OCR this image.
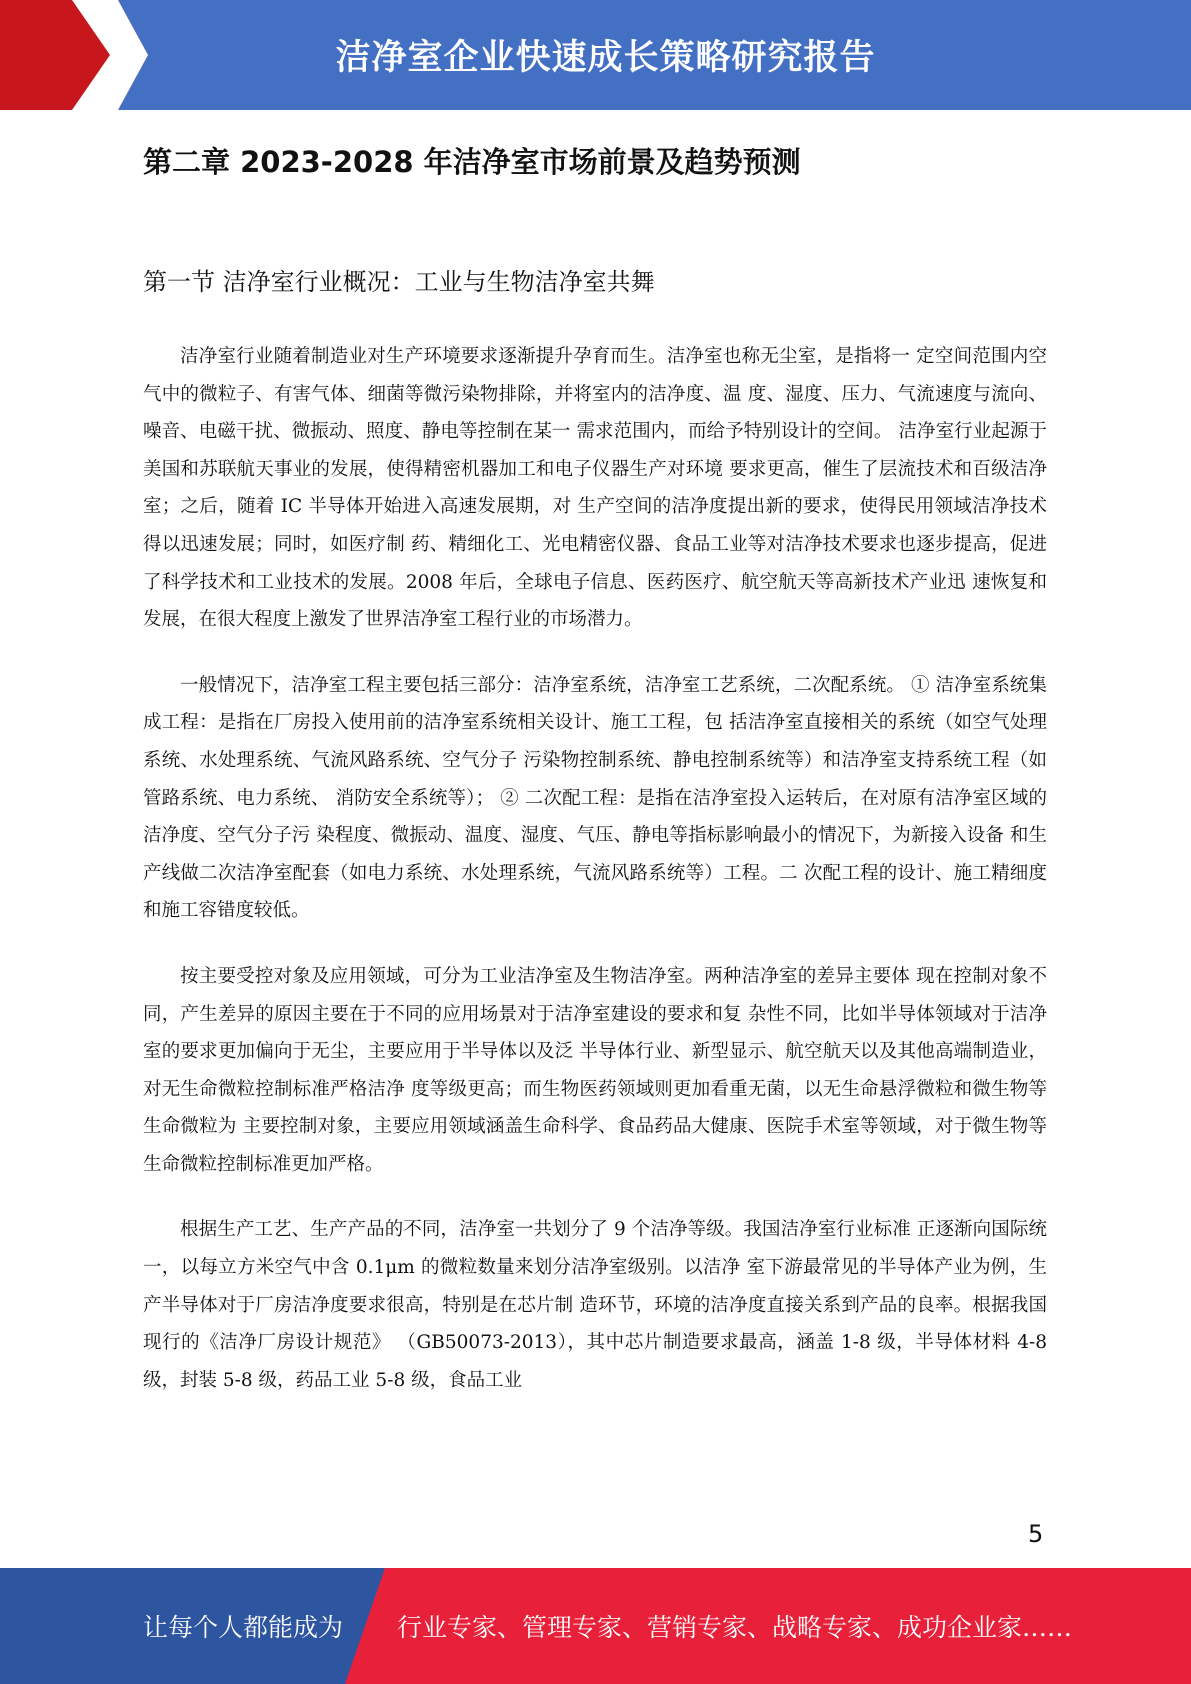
洁净室企业快速成长策略研究报告
第二章 2023-2028 年洁净室市场前景及趋势预测
第一节 洁净室行业概况：工业与生物洁净室共舞

洁净室行业随着制造业对生产环境要求逐渐提升孕育而生。洁净室也称无尘室，是指将一 定空间范围内空气中的微粒子、有害气体、细菌等微污染物排除，并将室内的洁净度、温 度、湿度、压力、气流速度与流向、噪音、电磁干扰、微振动、照度、静电等控制在某一 需求范围内，而给予特别设计的空间。 洁净室行业起源于美国和苏联航天事业的发展，使得精密机器加工和电子仪器生产对环境 要求更高，催生了层流技术和百级洁净室；之后，随着 IC 半导体开始进入高速发展期，对 生产空间的洁净度提出新的要求，使得民用领域洁净技术得以迅速发展；同时，如医疗制 药、精细化工、光电精密仪器、食品工业等对洁净技术要求也逐步提高，促进了科学技术和工业技术的发展。2008 年后，全球电子信息、医药医疗、航空航天等高新技术产业迅 速恢复和发展，在很大程度上激发了世界洁净室工程行业的市场潜力。

一般情况下，洁净室工程主要包括三部分：洁净室系统，洁净室工艺系统，二次配系统。 ① 洁净室系统集成工程：是指在厂房投入使用前的洁净室系统相关设计、施工工程，包 括洁净室直接相关的系统（如空气处理系统、水处理系统、气流风路系统、空气分子 污染物控制系统、静电控制系统等）和洁净室支持系统工程（如管路系统、电力系统、 消防安全系统等）； ② 二次配工程：是指在洁净室投入运转后，在对原有洁净室区域的洁净度、空气分子污 染程度、微振动、温度、湿度、气压、静电等指标影响最小的情况下，为新接入设备 和生产线做二次洁净室配套（如电力系统、水处理系统，气流风路系统等）工程。二 次配工程的设计、施工精细度和施工容错度较低。

按主要受控对象及应用领域，可分为工业洁净室及生物洁净室。两种洁净室的差异主要体 现在控制对象不同，产生差异的原因主要在于不同的应用场景对于洁净室建设的要求和复 杂性不同，比如半导体领域对于洁净室的要求更加偏向于无尘，主要应用于半导体以及泛 半导体行业、新型显示、航空航天以及其他高端制造业，对无生命微粒控制标准严格洁净 度等级更高；而生物医药领域则更加看重无菌，以无生命悬浮微粒和微生物等生命微粒为 主要控制对象，主要应用领域涵盖生命科学、食品药品大健康、医院手术室等领域，对于微生物等生命微粒控制标准更加严格。

根据生产工艺、生产产品的不同，洁净室一共划分了 9 个洁净等级。我国洁净室行业标准 正逐渐向国际统一，以每立方米空气中含 0.1μm 的微粒数量来划分洁净室级别。以洁净 室下游最常见的半导体产业为例，生产半导体对于厂房洁净度要求很高，特别是在芯片制 造环节，环境的洁净度直接关系到产品的良率。根据我国现行的《洁净厂房设计规范》 （GB50073-2013），其中芯片制造要求最高，涵盖 1-8 级，半导体材料 4-8 级，封装 5-8 级，药品工业 5-8 级，食品工业

5
让每个人都能成为 行业专家、管理专家、营销专家、战略专家、成功企业家……
